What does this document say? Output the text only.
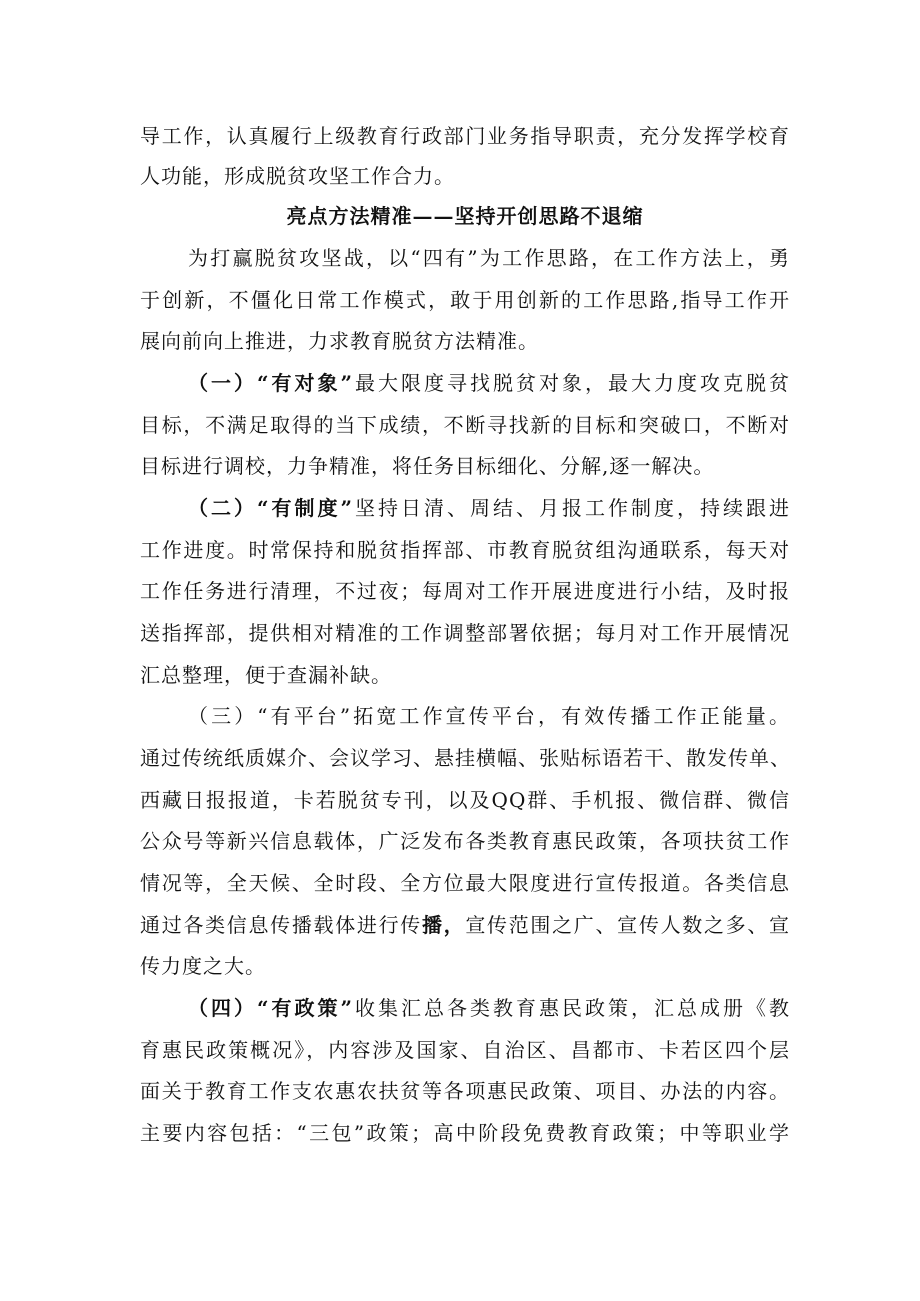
导工作，认真履行上级教育行政部门业务指导职责，充分发挥学校育
人功能，形成脱贫攻坚工作合力。
亮点方法精准——坚持开创思路不退缩
为打赢脱贫攻坚战，以“四有”为工作思路，在工作方法上，勇
于创新，不僵化日常工作模式，敢于用创新的工作思路,指导工作开
展向前向上推进，力求教育脱贫方法精准。
（一）“有对象”最大限度寻找脱贫对象，最大力度攻克脱贫
目标，不满足取得的当下成绩，不断寻找新的目标和突破口，不断对
目标进行调校，力争精准，将任务目标细化、分解,逐一解决。
（二）“有制度”坚持日清、周结、月报工作制度，持续跟进
工作进度。时常保持和脱贫指挥部、市教育脱贫组沟通联系，每天对
工作任务进行清理，不过夜；每周对工作开展进度进行小结，及时报
送指挥部，提供相对精准的工作调整部署依据；每月对工作开展情况
汇总整理，便于查漏补缺。
（三）“有平台”拓宽工作宣传平台，有效传播工作正能量。
通过传统纸质媒介、会议学习、悬挂横幅、张贴标语若干、散发传单、
西藏日报报道，卡若脱贫专刊，以及QQ群、手机报、微信群、微信
公众号等新兴信息载体，广泛发布各类教育惠民政策，各项扶贫工作
情况等，全天候、全时段、全方位最大限度进行宣传报道。各类信息
通过各类信息传播载体进行传播，宣传范围之广、宣传人数之多、宣
传力度之大。
（四）“有政策”收集汇总各类教育惠民政策，汇总成册《教
育惠民政策概况》，内容涉及国家、自治区、昌都市、卡若区四个层
面关于教育工作支农惠农扶贫等各项惠民政策、项目、办法的内容。
主要内容包括：“三包”政策；高中阶段免费教育政策；中等职业学
